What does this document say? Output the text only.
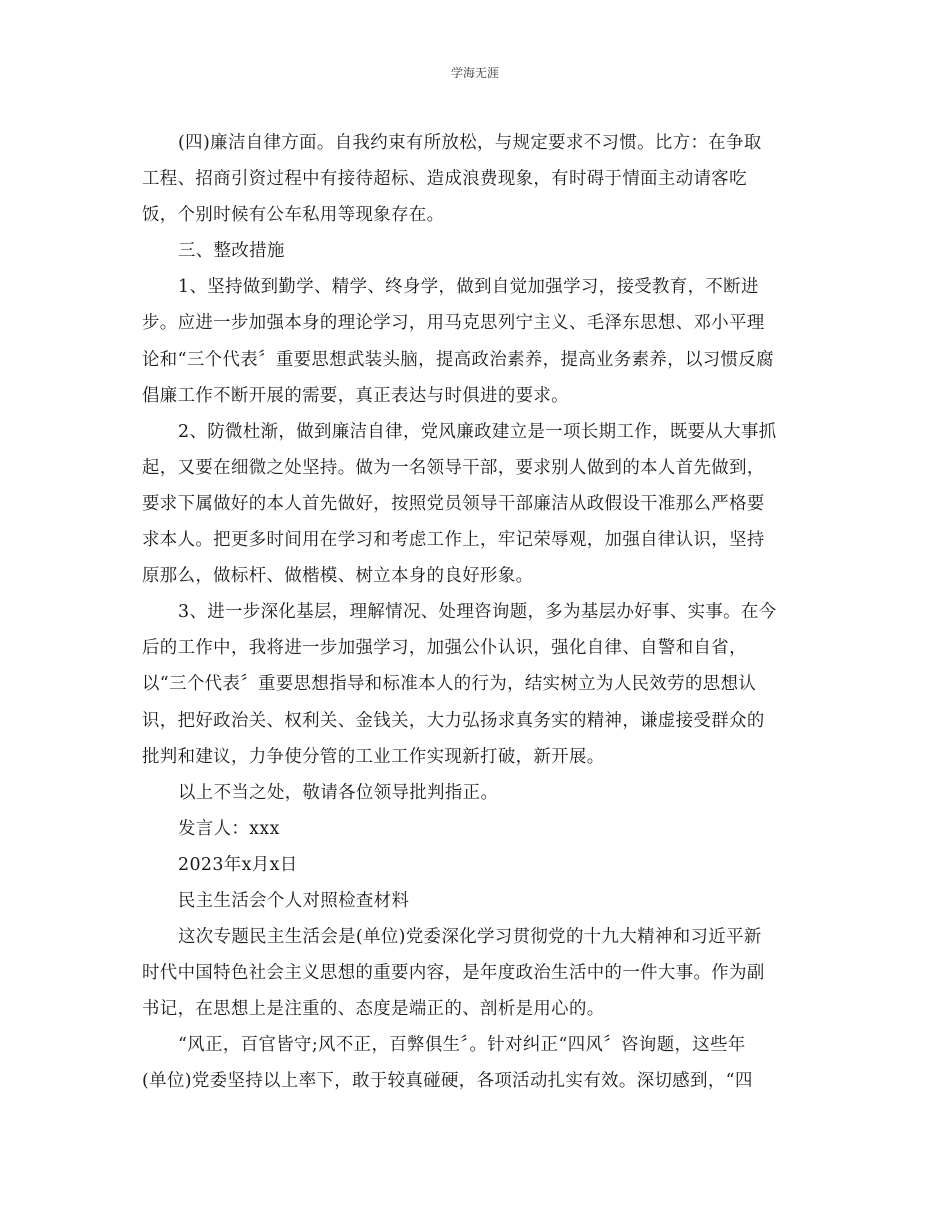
学海无涯
(四)廉洁自律方面。自我约束有所放松，与规定要求不习惯。比方：在争取
工程、招商引资过程中有接待超标、造成浪费现象，有时碍于情面主动请客吃
饭，个别时候有公车私用等现象存在。
三、整改措施
1、坚持做到勤学、精学、终身学，做到自觉加强学习，接受教育，不断进
步。应进一步加强本身的理论学习，用马克思列宁主义、毛泽东思想、邓小平理
论和“三个代表〞重要思想武装头脑，提高政治素养，提高业务素养，以习惯反腐
倡廉工作不断开展的需要，真正表达与时俱进的要求。
2、防微杜渐，做到廉洁自律，党风廉政建立是一项长期工作，既要从大事抓
起，又要在细微之处坚持。做为一名领导干部，要求别人做到的本人首先做到，
要求下属做好的本人首先做好，按照党员领导干部廉洁从政假设干准那么严格要
求本人。把更多时间用在学习和考虑工作上，牢记荣辱观，加强自律认识，坚持
原那么，做标杆、做楷模、树立本身的良好形象。
3、进一步深化基层，理解情况、处理咨询题，多为基层办好事、实事。在今
后的工作中，我将进一步加强学习，加强公仆认识，强化自律、自警和自省，
以“三个代表〞重要思想指导和标准本人的行为，结实树立为人民效劳的思想认
识，把好政治关、权利关、金钱关，大力弘扬求真务实的精神，谦虚接受群众的
批判和建议，力争使分管的工业工作实现新打破，新开展。
以上不当之处，敬请各位领导批判指正。
发言人：xxx
2023年x月x日
民主生活会个人对照检查材料
这次专题民主生活会是(单位)党委深化学习贯彻党的十九大精神和习近平新
时代中国特色社会主义思想的重要内容，是年度政治生活中的一件大事。作为副
书记，在思想上是注重的、态度是端正的、剖析是用心的。
“风正，百官皆守;风不正，百弊俱生〞。针对纠正“四风〞咨询题，这些年
(单位)党委坚持以上率下，敢于较真碰硬，各项活动扎实有效。深切感到，“四
